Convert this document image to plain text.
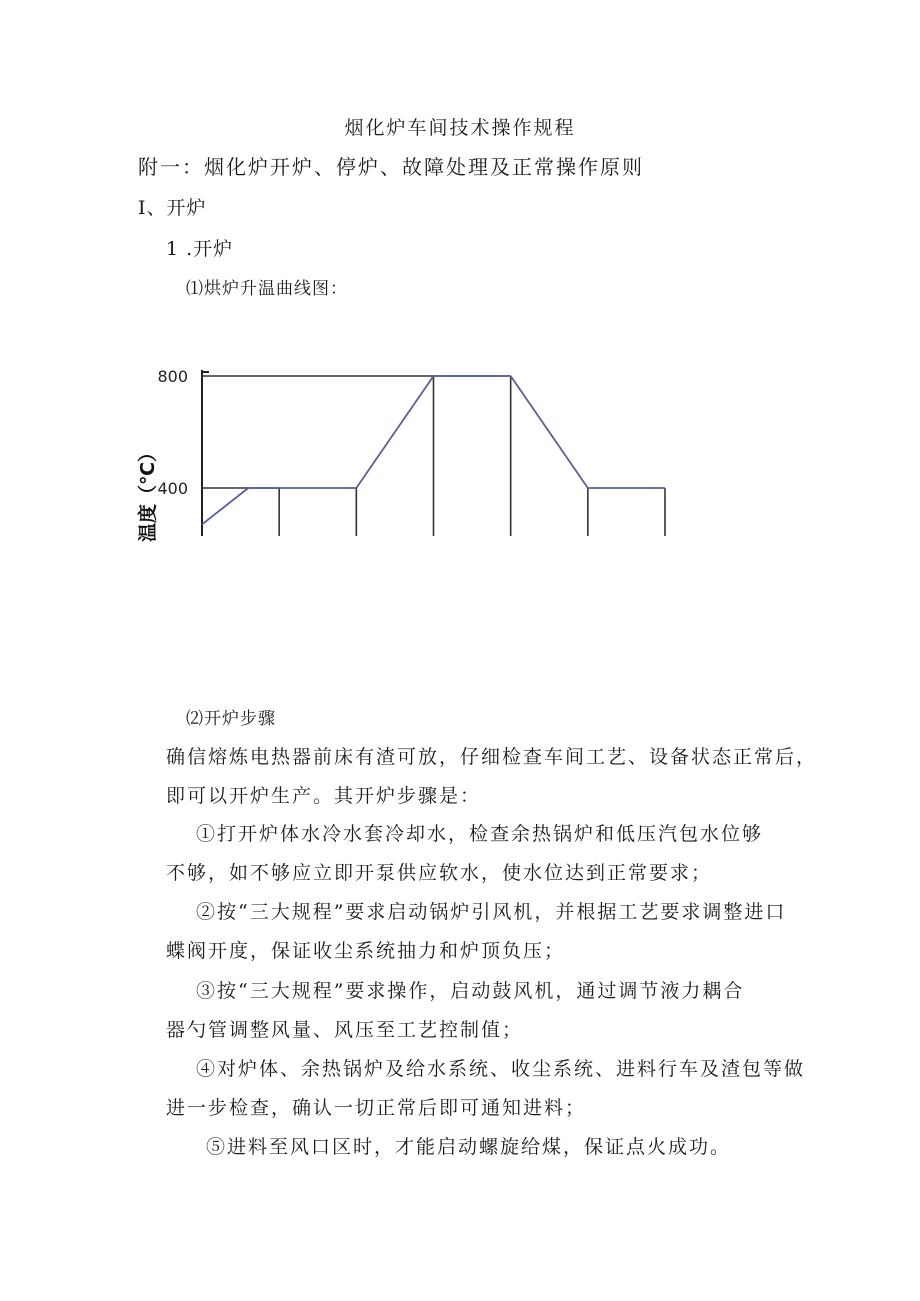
烟化炉车间技术操作规程
附一：烟化炉开炉、停炉、故障处理及正常操作原则
I、开炉
1 .开炉
⑴烘炉升温曲线图：
800
400
温度（℃）
⑵开炉步骤
确信熔炼电热器前床有渣可放，仔细检查车间工艺、设备状态正常后，
即可以开炉生产。其开炉步骤是：
①打开炉体水冷水套冷却水，检查余热锅炉和低压汽包水位够
不够，如不够应立即开泵供应软水，使水位达到正常要求；
②按“三大规程”要求启动锅炉引风机，并根据工艺要求调整进口
蝶阀开度，保证收尘系统抽力和炉顶负压；
③按“三大规程”要求操作，启动鼓风机，通过调节液力耦合
器勺管调整风量、风压至工艺控制值；
④对炉体、余热锅炉及给水系统、收尘系统、进料行车及渣包等做
进一步检查，确认一切正常后即可通知进料；
⑤进料至风口区时，才能启动螺旋给煤，保证点火成功。
